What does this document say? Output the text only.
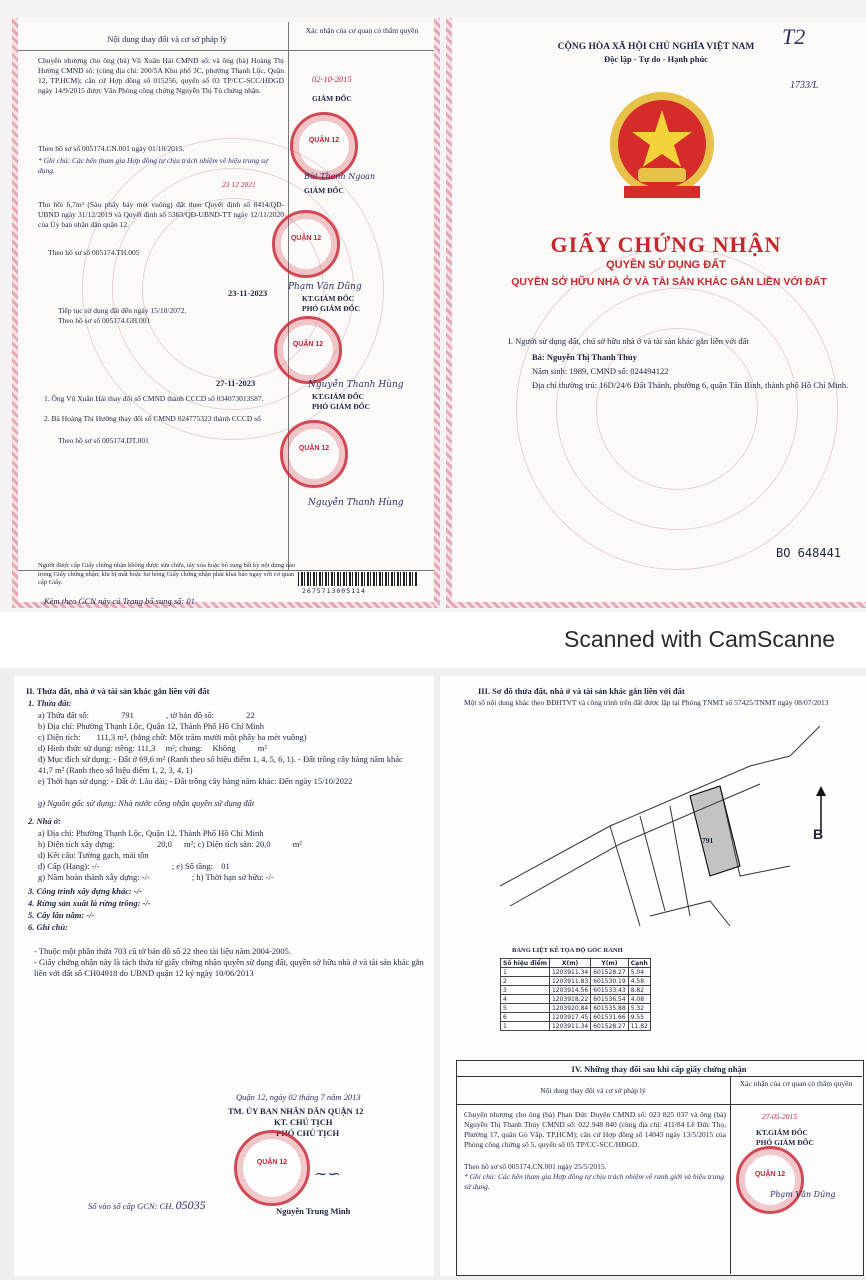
Nội dung thay đổi và cơ sở pháp lý
Xác nhận của cơ quan có thẩm quyền
Chuyển nhượng cho ông (bà) Vũ Xuân Hải CMND số: và ông (bà) Hoàng Thị Hường CMND số: (cùng địa chỉ: 200/5A Khu phố 3C, phường Thạnh Lộc, Quận 12, TP.HCM); căn cứ Hợp đồng số 015256, quyển số 03 TP/CC-SCC/HĐGD ngày 14/9/2015 được Văn Phòng công chứng Nguyễn Thị Tú chứng nhận.
Theo hồ sơ số 005174.CN.001 ngày 01/10/2015.
* Ghi chú: Các bên tham gia Hợp đồng tự chịu trách nhiệm về hiệu trung sự dụng.
02-10-2015
GIÁM ĐỐC
QUẬN 12
23 12 2021
Bùi Thanh Ngoan
GIÁM ĐỐC
Thu hồi 6,7m² (Sáu phẩy bảy mét vuông) đất theo Quyết định số 8414/QĐ-UBND ngày 31/12/2019 và Quyết định số 5363/QĐ-UBND-TT ngày 12/11/2020 của Ủy ban nhân dân quận 12.
Theo hồ sơ số 005174.TH.005
QUẬN 12
23-11-2023
Phạm Văn Dũng
KT.GIÁM ĐỐC
PHÓ GIÁM ĐỐC
Tiếp tục sử dụng đất đến ngày 15/10/2072.
Theo hồ sơ số 005174.GH.001
QUẬN 12
27-11-2023	Nguyễn Thanh Hùng
KT.GIÁM ĐỐC
PHÓ GIÁM ĐỐC
1. Ông Vũ Xuân Hải thay đổi số CMND thành CCCD số 034073013587.
2. Bà Hoàng Thị Hường thay đổi số CMND 024775323 thành CCCD số
Theo hồ sơ số 005174.DT.001
QUẬN 12
Nguyễn Thanh Hùng
Người được cấp Giấy chứng nhận không được sửa chữa, tẩy xóa hoặc bổ sung bất kỳ nội dung nào trong Giấy chứng nhận; khi bị mất hoặc hư hỏng Giấy chứng nhận phải khai báo ngay với cơ quan cấp Giấy.
2675713005114
Kèm theo GCN này có Trang bổ sung số: 01
T2
1733/L
CỘNG HÒA XÃ HỘI CHỦ NGHĨA VIỆT NAM
Độc lập - Tự do - Hạnh phúc
GIẤY CHỨNG NHẬN
QUYỀN SỬ DỤNG ĐẤT
QUYỀN SỞ HỮU NHÀ Ở VÀ TÀI SẢN KHÁC GẮN LIỀN VỚI ĐẤT
I. Người sử dụng đất, chủ sở hữu nhà ở và tài sản khác gắn liền với đất
Bà: Nguyễn Thị Thanh Thủy
Năm sinh: 1989, CMND số: 024494122
Địa chỉ thường trú: 16D/24/6 Đất Thánh, phường 6, quận Tân Bình, thành phố Hồ Chí Minh.
BO 648441
Scanned with CamScanne
II. Thửa đất, nhà ở và tài sản khác gắn liền với đất
1. Thửa đất:
a) Thửa đất số:	791	, tờ bản đồ số:	22
b) Địa chỉ: Phường Thạnh Lộc, Quận 12, Thành Phố Hồ Chí Minh
c) Diện tích: 111,3 m², (bằng chữ: Một trăm mười một phẩy ba mét vuông)
d) Hình thức sử dụng: riêng: 111,3 m²; chung: Không	m²
đ) Mục đích sử dụng: - Đất ở 69,6 m² (Ranh theo số hiệu điểm 1, 4, 5, 6, 1). - Đất trồng cây hàng năm khác 41,7 m² (Ranh theo số hiệu điểm 1, 2, 3, 4, 1)
e) Thời hạn sử dụng: - Đất ở: Lâu dài; - Đất trồng cây hàng năm khác: Đến ngày 15/10/2022
g) Nguồn gốc sử dụng: Nhà nước công nhận quyền sử dụng đất
2. Nhà ở:
a) Địa chỉ: Phường Thạnh Lộc, Quận 12, Thành Phố Hồ Chí Minh
b) Diện tích xây dựng:	20,0 m²; c) Diện tích sàn: 20,0	m²
d) Kết cấu: Tường gạch, mái tôn
đ) Cấp (Hạng): -/-	; e) Số tầng: 01
g) Năm hoàn thành xây dựng: -/-	; h) Thời hạn sở hữu: -/-
3. Công trình xây dựng khác: -/-
4. Rừng sản xuất là rừng trồng: -/-
5. Cây lâu năm: -/-
6. Ghi chú:
- Thuộc một phần thửa 703 cũ tờ bản đồ số 22 theo tài liệu năm 2004-2005.
- Giấy chứng nhận này là tách thửa từ giấy chứng nhận quyền sử dụng đất, quyền sở hữu nhà ở và tài sản khác gắn liền với đất số CH04918 do UBND quận 12 ký ngày 10/06/2013
Quận 12, ngày 02 tháng 7 năm 2013
TM. ỦY BAN NHÂN DÂN QUẬN 12
KT. CHỦ TỊCH
PHÓ CHỦ TỊCH
QUẬN 12
∼∽
Nguyễn Trung Minh
Số vào sổ cấp GCN: CH. 05035
III. Sơ đồ thửa đất, nhà ở và tài sản khác gắn liền với đất
Một số nội dung khác theo BĐHTVT và công trình trên đất được lập tại Phòng TNMT số 57425/TNMT ngày 08/07/2013
791	B
BẢNG LIỆT KÊ TỌA ĐỘ GÓC RANH
Số hiệu điểm	X(m)	Y(m)	Cạnh
1	1203911.34	601528.27	5.04
2	1203911.83	601530.19	4.58
3	1203914.56	601533.43	8.82
4	1203918.22	601536.54	4.08
5	1203920.84	601535.88	5.32
6	1203917.45	601531.66	9.55
1	1203911.34	601528.27	11.82
IV. Những thay đổi sau khi cấp giấy chứng nhận
Nội dung thay đổi và cơ sở pháp lý
Xác nhận của cơ quan có thẩm quyền
Chuyển nhượng cho ông (bà) Phan Đức Duyên CMND số: 023 825 037 và ông (bà) Nguyễn Thị Thanh Thủy CMND số: 022 948 840 (cùng địa chỉ: 411/84 Lê Đức Thọ, Phường 17, quận Gò Vấp, TP.HCM); căn cứ Hợp đồng số 14045 ngày 13/5/2015 của Phòng công chứng số 5, quyển số 05 TP/CC-SCC/HĐGD.
Theo hồ sơ số 005174.CN.001 ngày 25/5/2015.
* Ghi chú: Các bên tham gia Hợp đồng tự chịu trách nhiệm về ranh giới và hiệu trung sử dụng.
27-05-2015
KT.GIÁM ĐỐC
PHÓ GIÁM ĐỐC
QUẬN 12
Phạm Văn Dũng
